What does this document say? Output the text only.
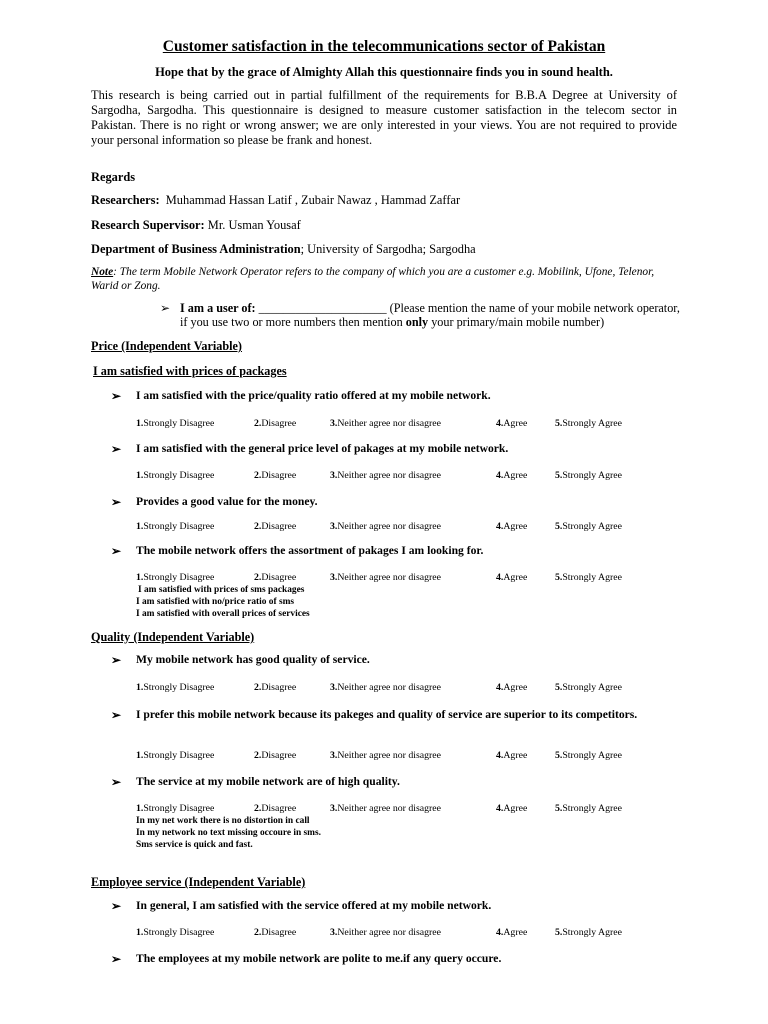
Customer satisfaction in the telecommunications sector of Pakistan
Hope that by the grace of Almighty Allah this questionnaire finds you in sound health.
This research is being carried out in partial fulfillment of the requirements for B.B.A Degree at University of Sargodha, Sargodha. This questionnaire is designed to measure customer satisfaction in the telecom sector in Pakistan. There is no right or wrong answer; we are only interested in your views. You are not required to provide your personal information so please be frank and honest.
Regards
Researchers: Muhammad Hassan Latif , Zubair Nawaz , Hammad Zaffar
Research Supervisor: Mr. Usman Yousaf
Department of Business Administration; University of Sargodha; Sargodha
Note: The term Mobile Network Operator refers to the company of which you are a customer e.g. Mobilink, Ufone, Telenor, Warid or Zong.
➢ I am a user of: _____________________ (Please mention the name of your mobile network operator,
if you use two or more numbers then mention only your primary/main mobile number)
Price (Independent Variable)
I am satisfied with prices of packages
➢	I am satisfied with the price/quality ratio offered at my mobile network.
1.Strongly Disagree	2.Disagree	3.Neither agree nor disagree	4.Agree	5.Strongly Agree
➢	I am satisfied with the general price level of pakages at my mobile network.
1.Strongly Disagree	2.Disagree	3.Neither agree nor disagree	4.Agree	5.Strongly Agree
➢	Provides a good value for the money.
1.Strongly Disagree	2.Disagree	3.Neither agree nor disagree	4.Agree	5.Strongly Agree
➢	The mobile network offers the assortment of pakages I am looking for.
1.Strongly Disagree	2.Disagree	3.Neither agree nor disagree	4.Agree	5.Strongly Agree
I am satisfied with prices of sms packages
I am satisfied with no/price ratio of sms
I am satisfied with overall prices of services
Quality (Independent Variable)
➢	My mobile network has good quality of service.
1.Strongly Disagree	2.Disagree	3.Neither agree nor disagree	4.Agree	5.Strongly Agree
➢	I prefer this mobile network because its pakeges and quality of service are superior to its competitors.
1.Strongly Disagree	2.Disagree	3.Neither agree nor disagree	4.Agree	5.Strongly Agree
➢	The service at my mobile network are of high quality.
1.Strongly Disagree	2.Disagree	3.Neither agree nor disagree	4.Agree	5.Strongly Agree
In my net work there is no distortion in call
In my network no text missing occoure in sms.
Sms service is quick and fast.
Employee service (Independent Variable)
➢	In general, I am satisfied with the service offered at my mobile network.
1.Strongly Disagree	2.Disagree	3.Neither agree nor disagree	4.Agree	5.Strongly Agree
➢	The employees at my mobile network are polite to me.if any query occure.
